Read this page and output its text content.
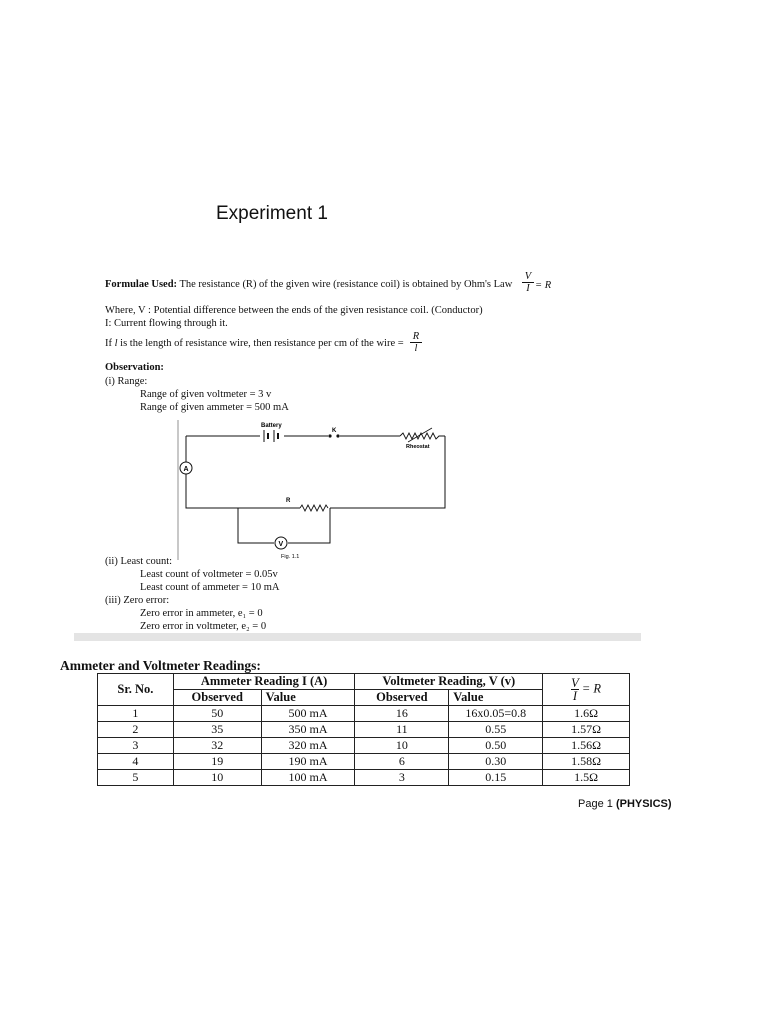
Experiment 1
Formulae Used: The resistance (R) of the given wire (resistance coil) is obtained by Ohm's Law $\frac{V}{I} = R$
Where, V : Potential difference between the ends of the given resistance coil. (Conductor)
I: Current flowing through it.
If l is the length of resistance wire, then resistance per cm of the wire = $\frac{R}{l}$
Observation:
(i) Range:
Range of given voltmeter = 3 v
Range of given ammeter = 500 mA
Battery
K
Rheostat
A
R
V
Fig. 1.1
(ii) Least count:
Least count of voltmeter = 0.05v
Least count of ammeter = 10 mA
(iii) Zero error:
Zero error in ammeter, e₁ = 0
Zero error in voltmeter, e₂ = 0
Ammeter and Voltmeter Readings:
Sr. No.	Ammeter Reading I (A)		Voltmeter Reading, V (v)		$\frac{V}{I} = R$
	Observed	Value	Observed	Value	
1	50	500 mA	16	16x0.05=0.8	1.6Ω
2	35	350 mA	11	0.55	1.57Ω
3	32	320 mA	10	0.50	1.56Ω
4	19	190 mA	6	0.30	1.58Ω
5	10	100 mA	3	0.15	1.5Ω
Page 1 (PHYSICS)
